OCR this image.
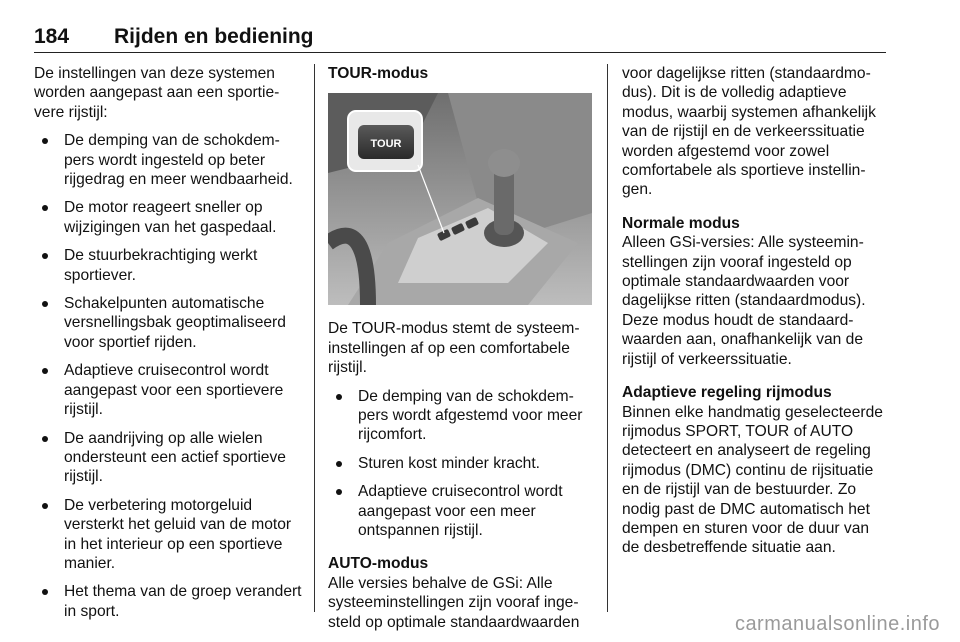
184 Rijden en bediening

De instellingen van deze systemen worden aangepast aan een sportievere rijstijl:

De demping van de schokdempers wordt ingesteld op beter rijgedrag en meer wendbaarheid.
De motor reageert sneller op wijzigingen van het gaspedaal.
De stuurbekrachtiging werkt sportiever.
Schakelpunten automatische versnellingsbak geoptimaliseerd voor sportief rijden.
Adaptieve cruisecontrol wordt aangepast voor een sportievere rijstijl.
De aandrijving op alle wielen ondersteunt een actief sportieve rijstijl.
De verbetering motorgeluid versterkt het geluid van de motor in het interieur op een sportieve manier.
Het thema van de groep verandert in sport.

TOUR-modus

TOUR

De TOUR-modus stemt de systeeminstellingen af op een comfortabele rijstijl.

De demping van de schokdempers wordt afgestemd voor meer rijcomfort.
Sturen kost minder kracht.
Adaptieve cruisecontrol wordt aangepast voor een meer ontspannen rijstijl.

AUTO-modus

Alle versies behalve de GSi: Alle systeeminstellingen zijn vooraf ingesteld op optimale standaardwaarden

voor dagelijkse ritten (standaardmodus). Dit is de volledig adaptieve modus, waarbij systemen afhankelijk van de rijstijl en de verkeerssituatie worden afgestemd voor zowel comfortabele als sportieve instellingen.

Normale modus

Alleen GSi-versies: Alle systeeminstellingen zijn vooraf ingesteld op optimale standaardwaarden voor dagelijkse ritten (standaardmodus). Deze modus houdt de standaardwaarden aan, onafhankelijk van de rijstijl of verkeerssituatie.

Adaptieve regeling rijmodus

Binnen elke handmatig geselecteerde rijmodus SPORT, TOUR of AUTO detecteert en analyseert de regeling rijmodus (DMC) continu de rijsituatie en de rijstijl van de bestuurder. Zo nodig past de DMC automatisch het dempen en sturen voor de duur van de desbetreffende situatie aan.

carmanualsonline.info
